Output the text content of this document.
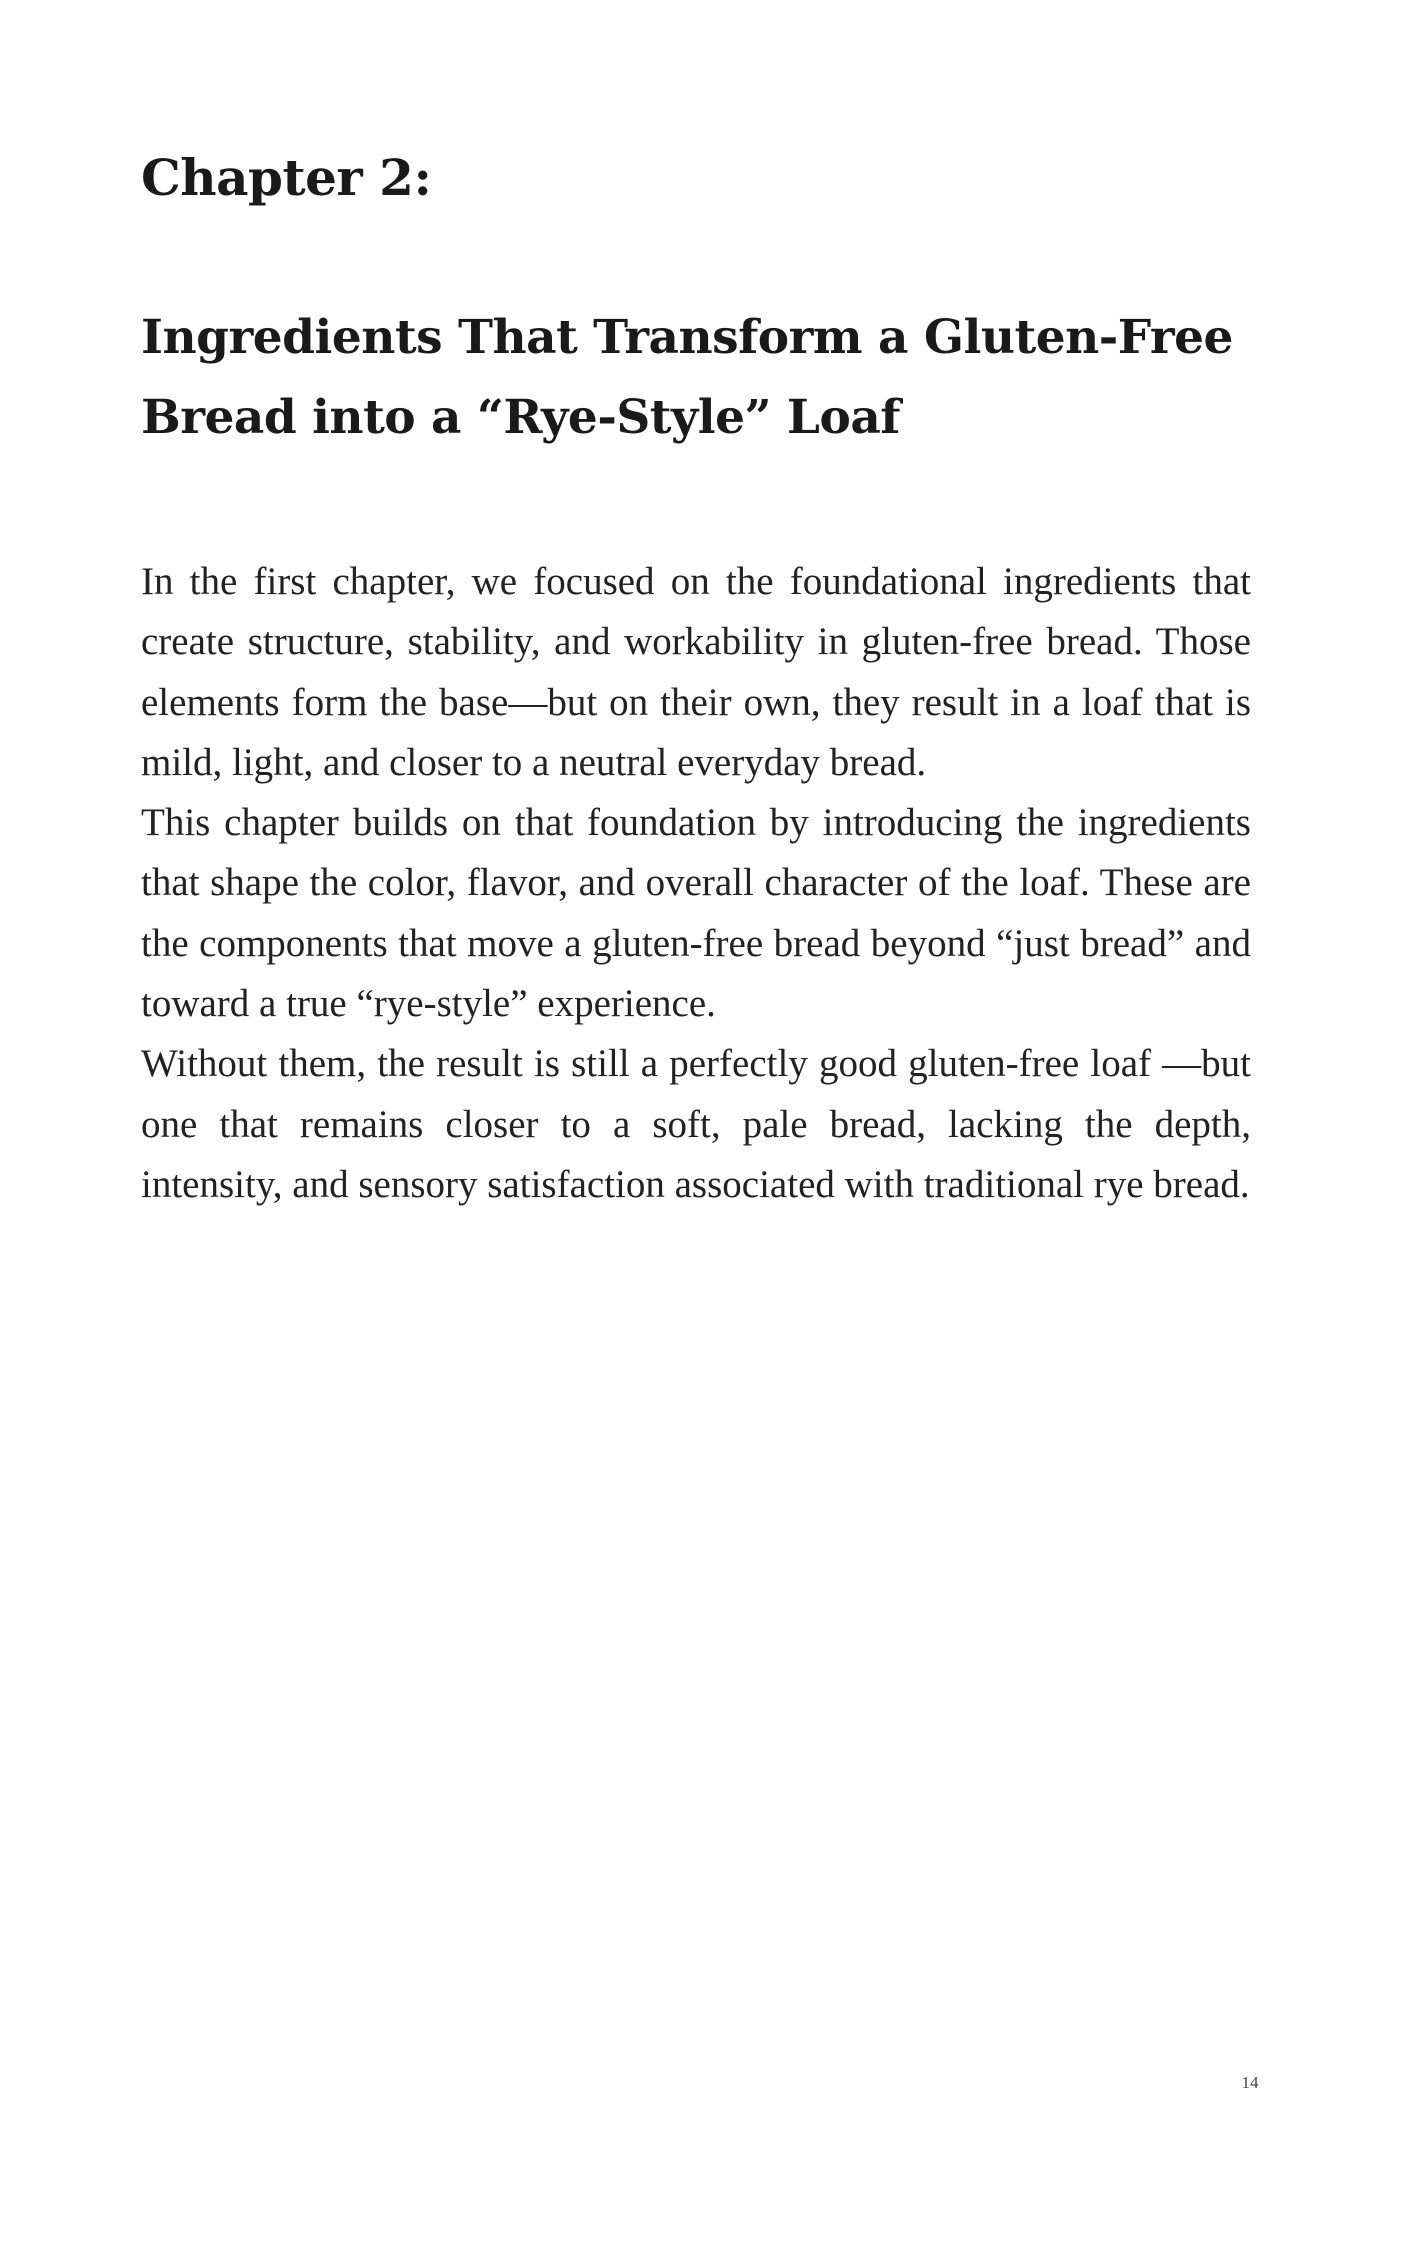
Chapter 2:
Ingredients That Transform a Gluten-Free
Bread into a “Rye-Style” Loaf

In the first chapter, we focused on the foundational ingredients that create structure, stability, and workability in gluten-free bread. Those elements form the base—but on their own, they result in a loaf that is mild, light, and closer to a neutral everyday bread.

This chapter builds on that foundation by introducing the ingredients that shape the color, flavor, and overall character of the loaf. These are the components that move a gluten-free bread beyond “just bread” and toward a true “rye-style” experience.

Without them, the result is still a perfectly good gluten-free loaf —but one that remains closer to a soft, pale bread, lacking the depth, intensity, and sensory satisfaction associated with traditional rye bread.

14
